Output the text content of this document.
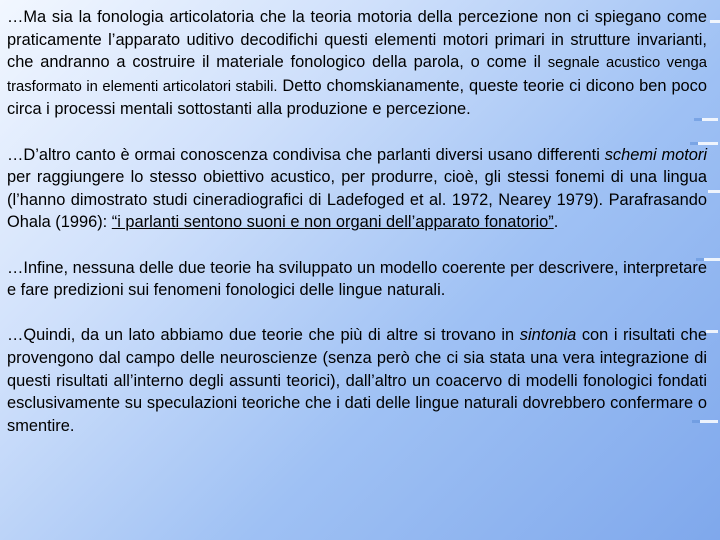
…Ma sia la fonologia articolatoria che la teoria motoria della percezione non ci spiegano come praticamente l’apparato uditivo decodifichi questi elementi motori primari in strutture invarianti, che andranno a costruire il materiale fonologico della parola, o come il segnale acustico venga trasformato in elementi articolatori stabili. Detto chomskianamente, queste teorie ci dicono ben poco circa i processi mentali sottostanti alla produzione e percezione.

…D’altro canto è ormai conoscenza condivisa che parlanti diversi usano differenti schemi motori per raggiungere lo stesso obiettivo acustico, per produrre, cioè, gli stessi fonemi di una lingua (l’hanno dimostrato studi cineradiografici di Ladefoged et al. 1972, Nearey 1979). Parafrasando Ohala (1996): “i parlanti sentono suoni e non organi dell’apparato fonatorio”.

…Infine, nessuna delle due teorie ha sviluppato un modello coerente per descrivere, interpretare e fare predizioni sui fenomeni fonologici delle lingue naturali.

…Quindi, da un lato abbiamo due teorie che più di altre si trovano in sintonia con i risultati che provengono dal campo delle neuroscienze (senza però che ci sia stata una vera integrazione di questi risultati all’interno degli assunti teorici), dall’altro un coacervo di modelli fonologici fondati esclusivamente su speculazioni teoriche che i dati delle lingue naturali dovrebbero confermare o smentire.
